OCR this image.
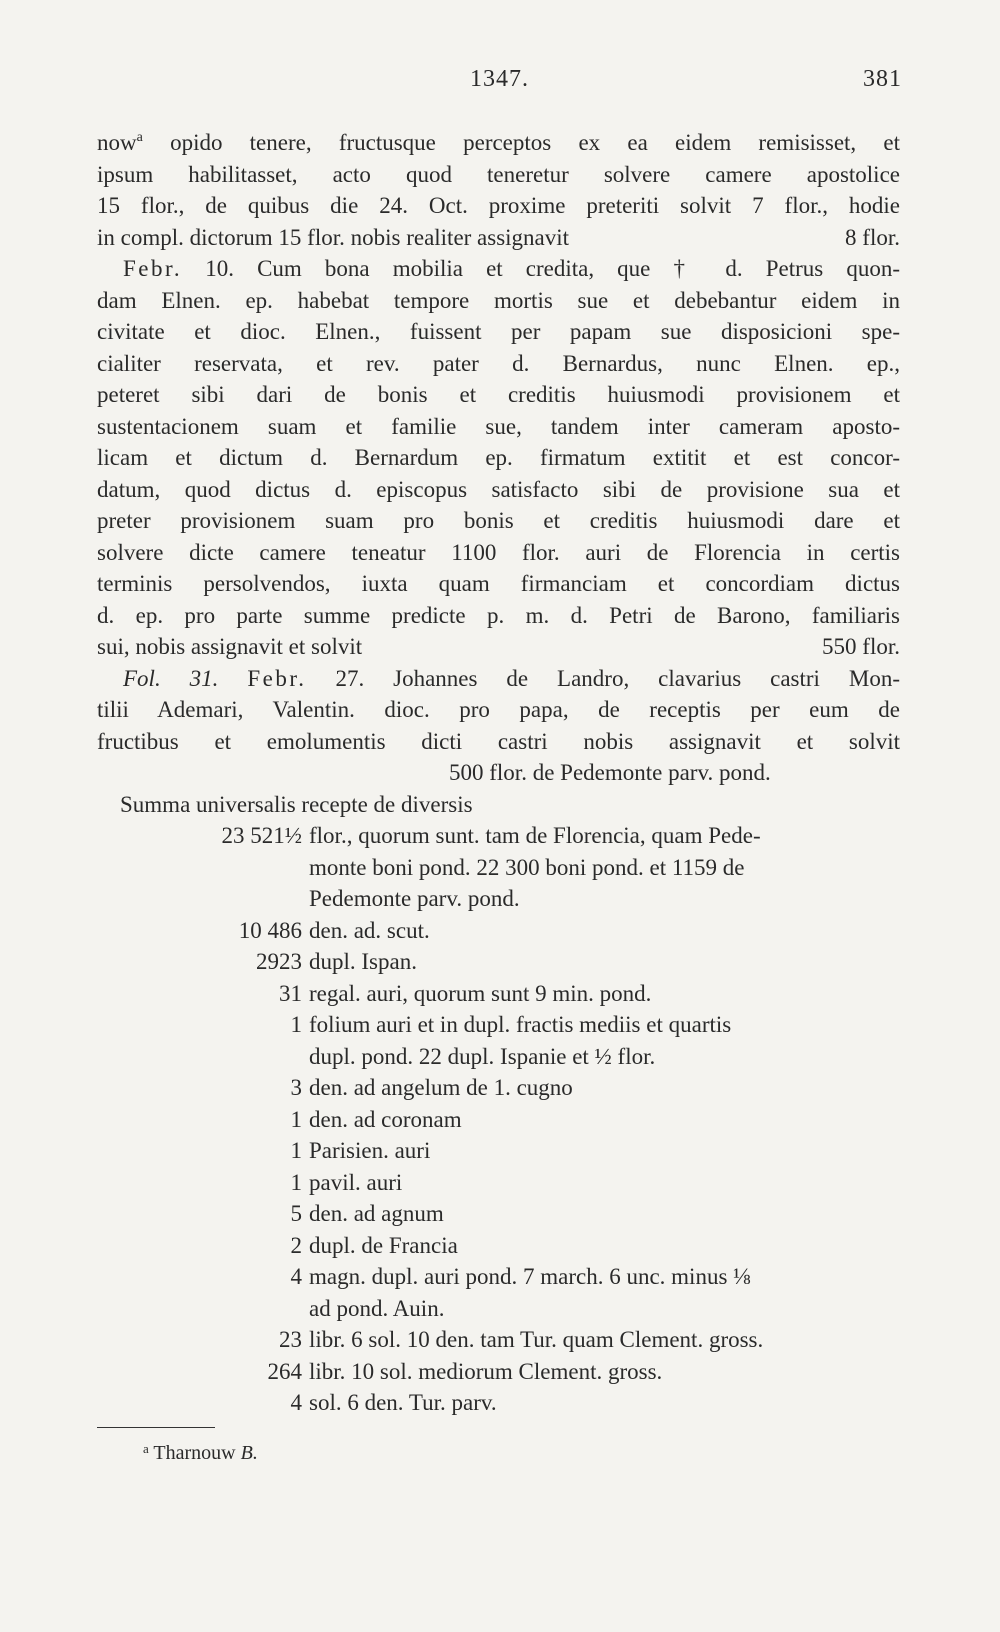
1347.	381
now$^a$ opido tenere, fructusque perceptos ex ea eidem remisisset, et
ipsum habilitasset, acto quod teneretur solvere camere apostolice
15 flor., de quibus die 24. Oct. proxime preteriti solvit 7 flor., hodie
in compl. dictorum 15 flor. nobis realiter assignavit	8 flor.
Febr. 10. Cum bona mobilia et credita, que † d. Petrus quon-
dam Elnen. ep. habebat tempore mortis sue et debebantur eidem in
civitate et dioc. Elnen., fuissent per papam sue disposicioni spe-
cialiter reservata, et rev. pater d. Bernardus, nunc Elnen. ep.,
peteret sibi dari de bonis et creditis huiusmodi provisionem et
sustentacionem suam et familie sue, tandem inter cameram aposto-
licam et dictum d. Bernardum ep. firmatum extitit et est concor-
datum, quod dictus d. episcopus satisfacto sibi de provisione sua et
preter provisionem suam pro bonis et creditis huiusmodi dare et
solvere dicte camere teneatur 1100 flor. auri de Florencia in certis
terminis persolvendos, iuxta quam firmanciam et concordiam dictus
d. ep. pro parte summe predicte p. m. d. Petri de Barono, familiaris
sui, nobis assignavit et solvit	550 flor.
Fol. 31. Febr. 27. Johannes de Landro, clavarius castri Mon-
tilii Ademari, Valentin. dioc. pro papa, de receptis per eum de
fructibus et emolumentis dicti castri nobis assignavit et solvit
500 flor. de Pedemonte parv. pond.
Summa universalis recepte de diversis
23 521½ flor., quorum sunt. tam de Florencia, quam Pede-
monte boni pond. 22 300 boni pond. et 1159 de
Pedemonte parv. pond.
10 486 den. ad. scut.
2923 dupl. Ispan.
31 regal. auri, quorum sunt 9 min. pond.
1 folium auri et in dupl. fractis mediis et quartis
dupl. pond. 22 dupl. Ispanie et ½ flor.
3 den. ad angelum de 1. cugno
1 den. ad coronam
1 Parisien. auri
1 pavil. auri
5 den. ad agnum
2 dupl. de Francia
4 magn. dupl. auri pond. 7 march. 6 unc. minus ⅛
ad pond. Auin.
23 libr. 6 sol. 10 den. tam Tur. quam Clement. gross.
264 libr. 10 sol. mediorum Clement. gross.
4 sol. 6 den. Tur. parv.
$^a$ Tharnouw B.
